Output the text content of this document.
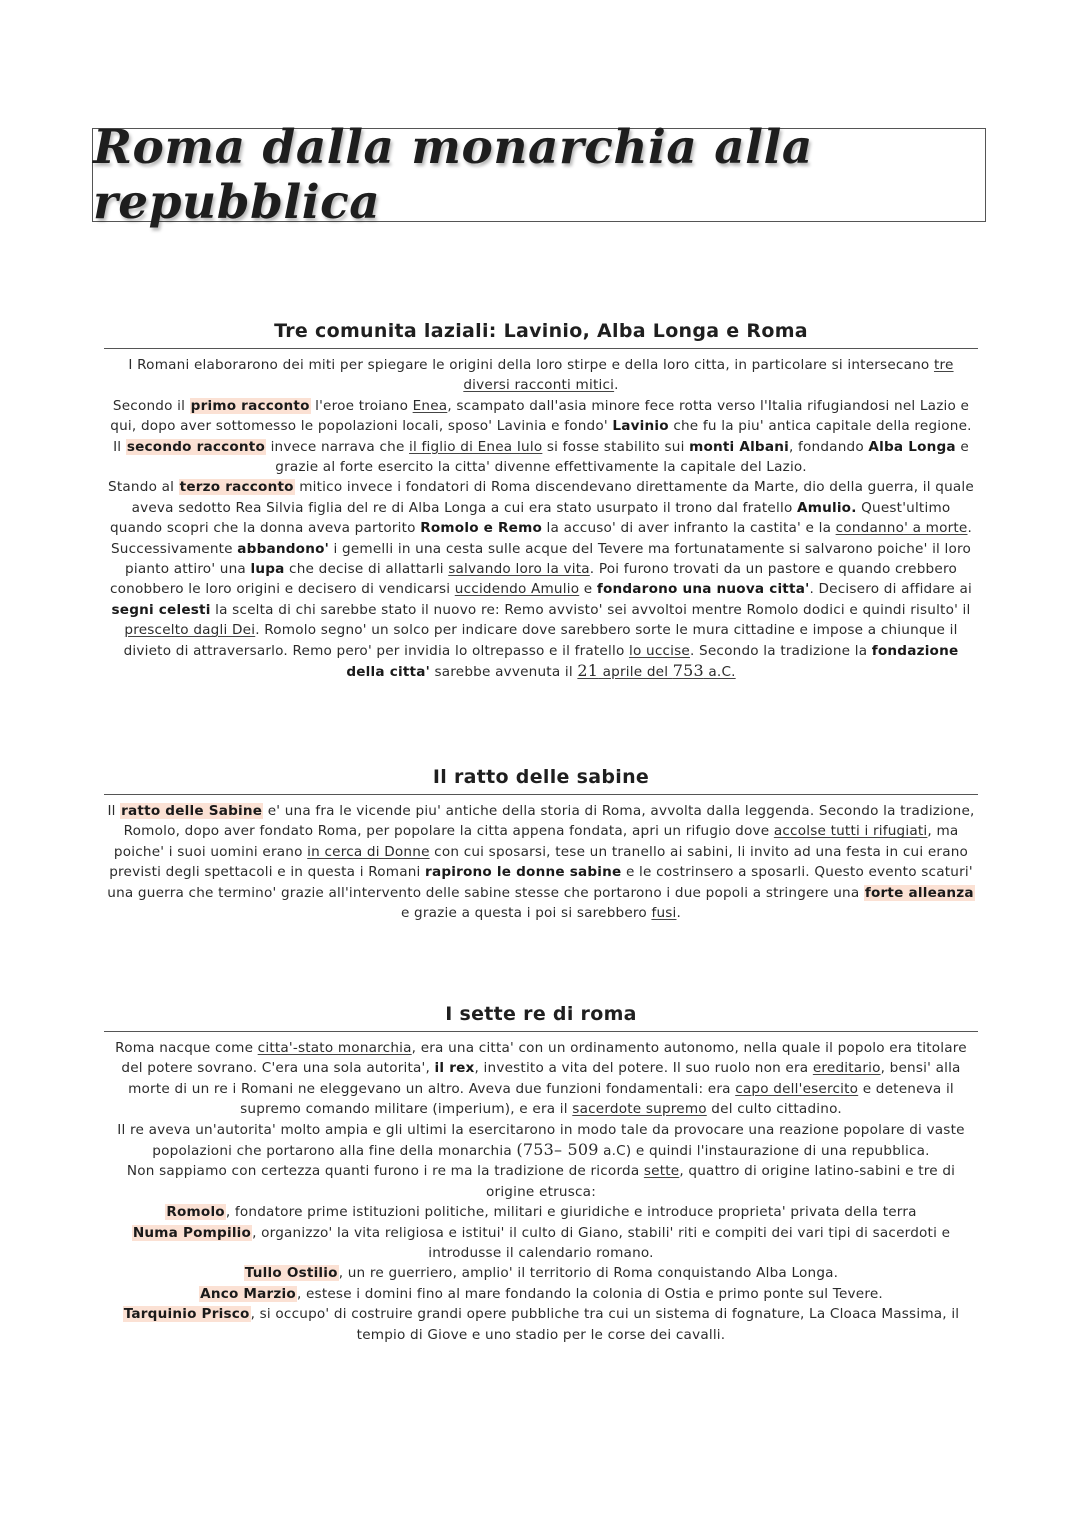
Roma dalla monarchia alla repubblica
Tre comunita laziali: Lavinio, Alba Longa e Roma

I Romani elaborarono dei miti per spiegare le origini della loro stirpe e della loro citta, in particolare si intersecano tre diversi racconti mitici.

Secondo il primo racconto l'eroe troiano Enea, scampato dall'asia minore fece rotta verso l'Italia rifugiandosi nel Lazio e qui, dopo aver sottomesso le popolazioni locali, sposo' Lavinia e fondo' Lavinio che fu la piu' antica capitale della regione.

Il secondo racconto invece narrava che il figlio di Enea Iulo si fosse stabilito sui monti Albani, fondando Alba Longa e grazie al forte esercito la citta' divenne effettivamente la capitale del Lazio.

Stando al terzo racconto mitico invece i fondatori di Roma discendevano direttamente da Marte, dio della guerra, il quale aveva sedotto Rea Silvia figlia del re di Alba Longa a cui era stato usurpato il trono dal fratello Amulio. Quest'ultimo quando scopri che la donna aveva partorito Romolo e Remo la accuso' di aver infranto la castita' e la condanno' a morte. Successivamente abbandono' i gemelli in una cesta sulle acque del Tevere ma fortunatamente si salvarono poiche' il loro pianto attiro' una lupa che decise di allattarli salvando loro la vita. Poi furono trovati da un pastore e quando crebbero conobbero le loro origini e decisero di vendicarsi uccidendo Amulio e fondarono una nuova citta'. Decisero di affidare ai segni celesti la scelta di chi sarebbe stato il nuovo re: Remo avvisto' sei avvoltoi mentre Romolo dodici e quindi risulto' il prescelto dagli Dei. Romolo segno' un solco per indicare dove sarebbero sorte le mura cittadine e impose a chiunque il divieto di attraversarlo. Remo pero' per invidia lo oltrepasso e il fratello lo uccise. Secondo la tradizione la fondazione della citta' sarebbe avvenuta il 21 aprile del 753 a.C.

Il ratto delle sabine

Il ratto delle Sabine e' una fra le vicende piu' antiche della storia di Roma, avvolta dalla leggenda. Secondo la tradizione, Romolo, dopo aver fondato Roma, per popolare la citta appena fondata, apri un rifugio dove accolse tutti i rifugiati, ma poiche' i suoi uomini erano in cerca di Donne con cui sposarsi, tese un tranello ai sabini, li invito ad una festa in cui erano previsti degli spettacoli e in questa i Romani rapirono le donne sabine e le costrinsero a sposarli. Questo evento scaturi' una guerra che termino' grazie all'intervento delle sabine stesse che portarono i due popoli a stringere una forte alleanza e grazie a questa i poi si sarebbero fusi.

I sette re di roma

Roma nacque come citta'-stato monarchia, era una citta' con un ordinamento autonomo, nella quale il popolo era titolare del potere sovrano. C'era una sola autorita', il rex, investito a vita del potere. Il suo ruolo non era ereditario, bensi' alla morte di un re i Romani ne eleggevano un altro. Aveva due funzioni fondamentali: era capo dell'esercito e deteneva il supremo comando militare (imperium), e era il sacerdote supremo del culto cittadino.

Il re aveva un'autorita' molto ampia e gli ultimi la esercitarono in modo tale da provocare una reazione popolare di vaste popolazioni che portarono alla fine della monarchia (753– 509 a.C) e quindi l'instaurazione di una repubblica.

Non sappiamo con certezza quanti furono i re ma la tradizione de ricorda sette, quattro di origine latino-sabini e tre di origine etrusca:

Romolo, fondatore prime istituzioni politiche, militari e giuridiche e introduce proprieta' privata della terra

Numa Pompilio, organizzo' la vita religiosa e istitui' il culto di Giano, stabili' riti e compiti dei vari tipi di sacerdoti e introdusse il calendario romano.

Tullo Ostilio, un re guerriero, amplio' il territorio di Roma conquistando Alba Longa.

Anco Marzio, estese i domini fino al mare fondando la colonia di Ostia e primo ponte sul Tevere.

Tarquinio Prisco, si occupo' di costruire grandi opere pubbliche tra cui un sistema di fognature, La Cloaca Massima, il tempio di Giove e uno stadio per le corse dei cavalli.
